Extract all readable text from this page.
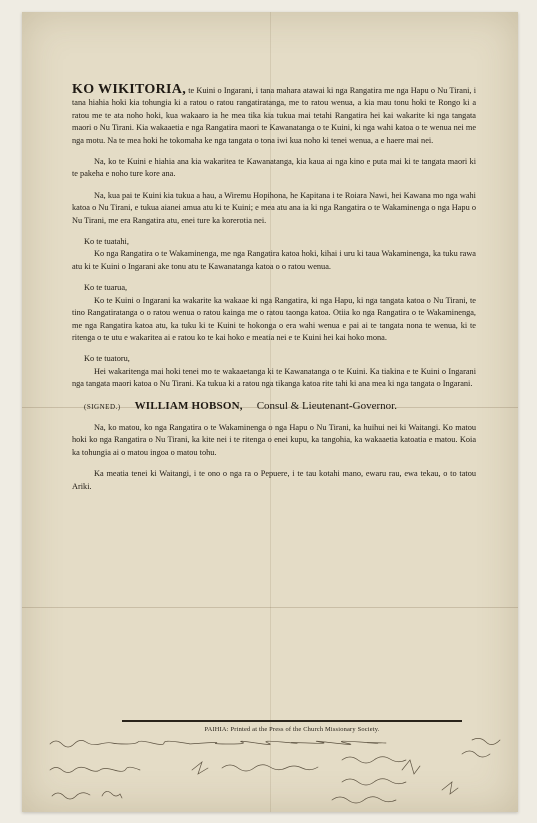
KO WIKITORIA, te Kuini o Ingarani, i tana mahara atawai ki nga Rangatira me nga Hapu o Nu Tirani, i tana hiahia hoki kia tohungia ki a ratou o ratou rangatiratanga, me to ratou wenua, a kia mau tonu hoki te Rongo ki a ratou me te ata noho hoki, kua wakaaro ia he mea tika kia tukua mai tetahi Rangatira hei kai wakarite ki nga tangata maori o Nu Tirani. Kia wakaaetia e nga Rangatira maori te Kawanatanga o te Kuini, ki nga wahi katoa o te wenua nei me nga motu. Na te mea hoki he tokomaha ke nga tangata o tona iwi kua noho ki tenei wenua, a e haere mai nei.

Na, ko te Kuini e hiahia ana kia wakaritea te Kawanatanga, kia kaua ai nga kino e puta mai ki te tangata maori ki te pakeha e noho ture kore ana.

Na, kua pai te Kuini kia tukua a hau, a Wiremu Hopihona, he Kapitana i te Roiara Nawi, hei Kawana mo nga wahi katoa o Nu Tirani, e tukua aianei amua atu ki te Kuini; e mea atu ana ia ki nga Rangatira o te Wakaminenga o nga Hapu o Nu Tirani, me era Rangatira atu, enei ture ka korerotia nei.

Ko te tuatahi,

Ko nga Rangatira o te Wakaminenga, me nga Rangatira katoa hoki, kihai i uru ki taua Wakaminenga, ka tuku rawa atu ki te Kuini o Ingarani ake tonu atu te Kawanatanga katoa o o ratou wenua.

Ko te tuarua,

Ko te Kuini o Ingarani ka wakarite ka wakaae ki nga Rangatira, ki nga Hapu, ki nga tangata katoa o Nu Tirani, te tino Rangatiratanga o o ratou wenua o ratou kainga me o ratou taonga katoa. Otiia ko nga Rangatira o te Wakaminenga, me nga Rangatira katoa atu, ka tuku ki te Kuini te hokonga o era wahi wenua e pai ai te tangata nona te wenua, ki te ritenga o te utu e wakaritea ai e ratou ko te kai hoko e meatia nei e te Kuini hei kai hoko mona.

Ko te tuatoru,

Hei wakaritenga mai hoki tenei mo te wakaaetanga ki te Kawanatanga o te Kuini. Ka tiakina e te Kuini o Ingarani nga tangata maori katoa o Nu Tirani. Ka tukua ki a ratou nga tikanga katoa rite tahi ki ana mea ki nga tangata o Ingarani.

(SIGNED.) WILLIAM HOBSON, Consul & Lieutenant-Governor.

Na, ko matou, ko nga Rangatira o te Wakaminenga o nga Hapu o Nu Tirani, ka huihui nei ki Waitangi. Ko matou hoki ko nga Rangatira o Nu Tirani, ka kite nei i te ritenga o enei kupu, ka tangohia, ka wakaaetia katoatia e matou. Koia ka tohungia ai o matou ingoa o matou tohu.

Ka meatia tenei ki Waitangi, i te ono o nga ra o Pepuere, i te tau kotahi mano, ewaru rau, ewa tekau, o to tatou Ariki.

PAIHIA: Printed at the Press of the Church Missionary Society.
